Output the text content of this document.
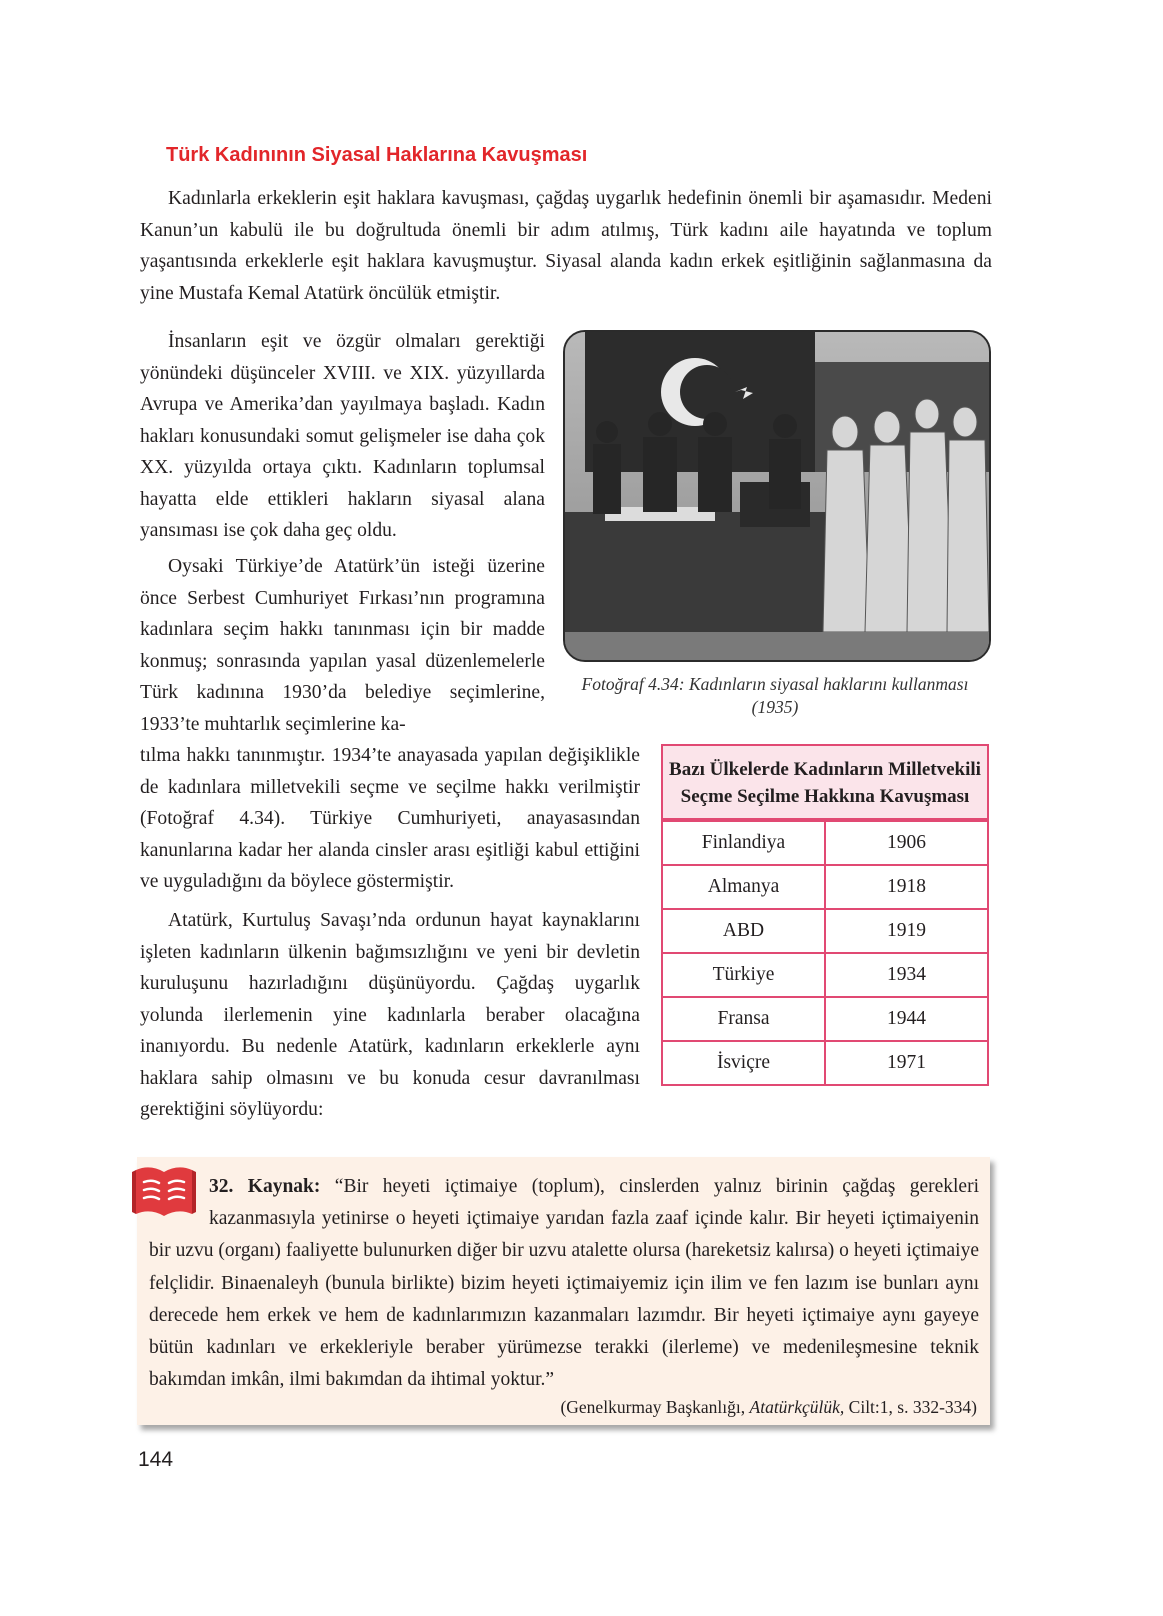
Türk Kadınının Siyasal Haklarına Kavuşması

Kadınlarla erkeklerin eşit haklara kavuşması, çağdaş uygarlık hedefinin önemli bir aşamasıdır. Medeni Kanun’un kabulü ile bu doğrultuda önemli bir adım atılmış, Türk kadını aile hayatında ve toplum yaşantısında erkeklerle eşit haklara kavuşmuştur. Siyasal alanda kadın erkek eşitliğinin sağlanmasına da yine Mustafa Kemal Atatürk öncülük etmiştir.

İnsanların eşit ve özgür olmaları gerektiği yönündeki düşünceler XVIII. ve XIX. yüzyıllarda Avrupa ve Amerika’dan yayılmaya başladı. Kadın hakları konusundaki somut gelişmeler ise daha çok XX. yüzyılda ortaya çıktı. Kadınların toplumsal hayatta elde ettikleri hakların siyasal alana yansıması ise çok daha geç oldu.

Oysaki Türkiye’de Atatürk’ün isteği üzerine önce Serbest Cumhuriyet Fırkası’nın programına kadınlara seçim hakkı tanınması için bir madde konmuş; sonrasında yapılan yasal düzenlemelerle Türk kadınına 1930’da belediye seçimlerine, 1933’te muhtarlık seçimlerine ka-

tılma hakkı tanınmıştır. 1934’te anayasada yapılan değişiklikle de kadınlara milletvekili seçme ve seçilme hakkı verilmiştir (Fotoğraf 4.34). Türkiye Cumhuriyeti, anayasasından kanunlarına kadar her alanda cinsler arası eşitliği kabul ettiğini ve uyguladığını da böylece göstermiştir.

Atatürk, Kurtuluş Savaşı’nda ordunun hayat kaynaklarını işleten kadınların ülkenin bağımsızlığını ve yeni bir devletin kuruluşunu hazırladığını düşünüyordu. Çağdaş uygarlık yolunda ilerlemenin yine kadınlarla beraber olacağına inanıyordu. Bu nedenle Atatürk, kadınların erkeklerle aynı haklara sahip olmasını ve bu konuda cesur davranılması gerektiğini söylüyordu:

Fotoğraf 4.34: Kadınların siyasal haklarını kullanması (1935)

Bazı Ülkelerde Kadınların Milletvekili Seçme Seçilme Hakkına Kavuşması
Finlandiya	1906
Almanya	1918
ABD	1919
Türkiye	1934
Fransa	1944
İsviçre	1971

32. Kaynak: “Bir heyeti içtimaiye (toplum), cinslerden yalnız birinin çağdaş gerekleri kazanmasıyla yetinirse o heyeti içtimaiye yarıdan fazla zaaf içinde kalır. Bir heyeti içtimaiyenin bir uzvu (organı) faaliyette bulunurken diğer bir uzvu atalette olursa (hareketsiz kalırsa) o heyeti içtimaiye felçlidir. Binaenaleyh (bunula birlikte) bizim heyeti içtimaiyemiz için ilim ve fen lazım ise bunları aynı derecede hem erkek ve hem de kadınlarımızın kazanmaları lazımdır. Bir heyeti içtimaiye aynı gayeye bütün kadınları ve erkekleriyle beraber yürümezse terakki (ilerleme) ve medenileşmesine teknik bakımdan imkân, ilmi bakımdan da ihtimal yoktur.”

(Genelkurmay Başkanlığı, Atatürkçülük, Cilt:1, s. 332-334)

144
